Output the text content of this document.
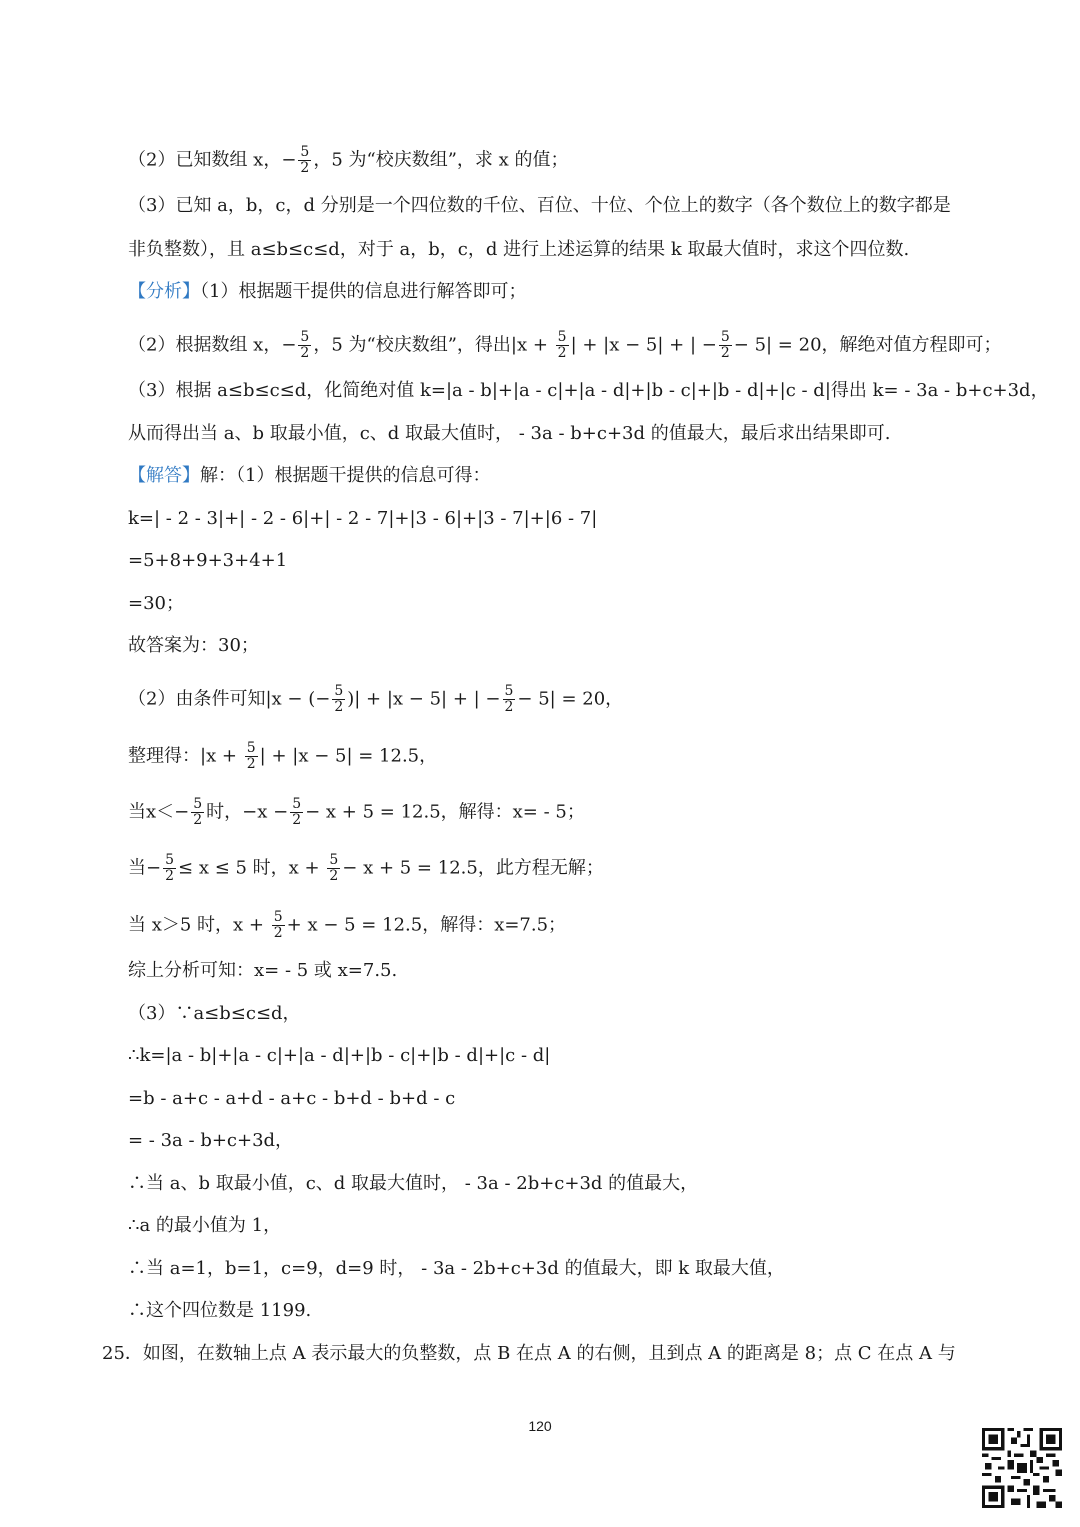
（2）已知数组 x，− $\frac{5}{2}$ ，5 为“校庆数组”，求 x 的值；
（3）已知 a，b，c，d 分别是一个四位数的千位、百位、十位、个位上的数字（各个数位上的数字都是
非负整数），且 a≤b≤c≤d，对于 a，b，c，d 进行上述运算的结果 k 取最大值时，求这个四位数.
【分析】（1）根据题干提供的信息进行解答即可；
（2）根据数组 x，− $\frac{5}{2}$ ，5 为“校庆数组”，得出$|x + \frac{5}{2}$ | + |x − 5| + | − $\frac{5}{2} - 5| = 20$，解绝对值方程即可；
（3）根据 a≤b≤c≤d，化简绝对值 k=|a - b|+|a - c|+|a - d|+|b - c|+|b - d|+|c - d|得出 k= - 3a - b+c+3d，
从而得出当 a、b 取最小值，c、d 取最大值时， - 3a - b+c+3d 的值最大，最后求出结果即可.
【解答】解：（1）根据题干提供的信息可得：
k=| - 2 - 3|+| - 2 - 6|+| - 2 - 7|+|3 - 6|+|3 - 7|+|6 - 7|
=5+8+9+3+4+1
=30；
故答案为：30；
（2）由条件可知|x − (− $\frac{5}{2}$ )| + |x − 5| + | − $\frac{5}{2} - 5| = 20$，
整理得：$|x + \frac{5}{2}$ | + |x − 5| = 12.5，
当$x<- \frac{5}{2}$ 时，$-x - \frac{5}{2} - x + 5 = 12.5$，解得：x= - 5；
当− $\frac{5}{2} \le x \le 5$ 时，$x + \frac{5}{2} - x + 5 = 12.5$，此方程无解；
当 x＞5 时，$x + \frac{5}{2} + x - 5 = 12.5$，解得：x=7.5；
综上分析可知：x= - 5 或 x=7.5.
（3）∵a≤b≤c≤d，
∴k=|a - b|+|a - c|+|a - d|+|b - c|+|b - d|+|c - d|
=b - a+c - a+d - a+c - b+d - b+d - c
= - 3a - b+c+3d，
∴当 a、b 取最小值，c、d 取最大值时， - 3a - 2b+c+3d 的值最大，
∴a 的最小值为 1，
∴当 a=1，b=1，c=9，d=9 时， - 3a - 2b+c+3d 的值最大，即 k 取最大值，
∴这个四位数是 1199.
25．如图，在数轴上点 A 表示最大的负整数，点 B 在点 A 的右侧，且到点 A 的距离是 8；点 C 在点 A 与
120
